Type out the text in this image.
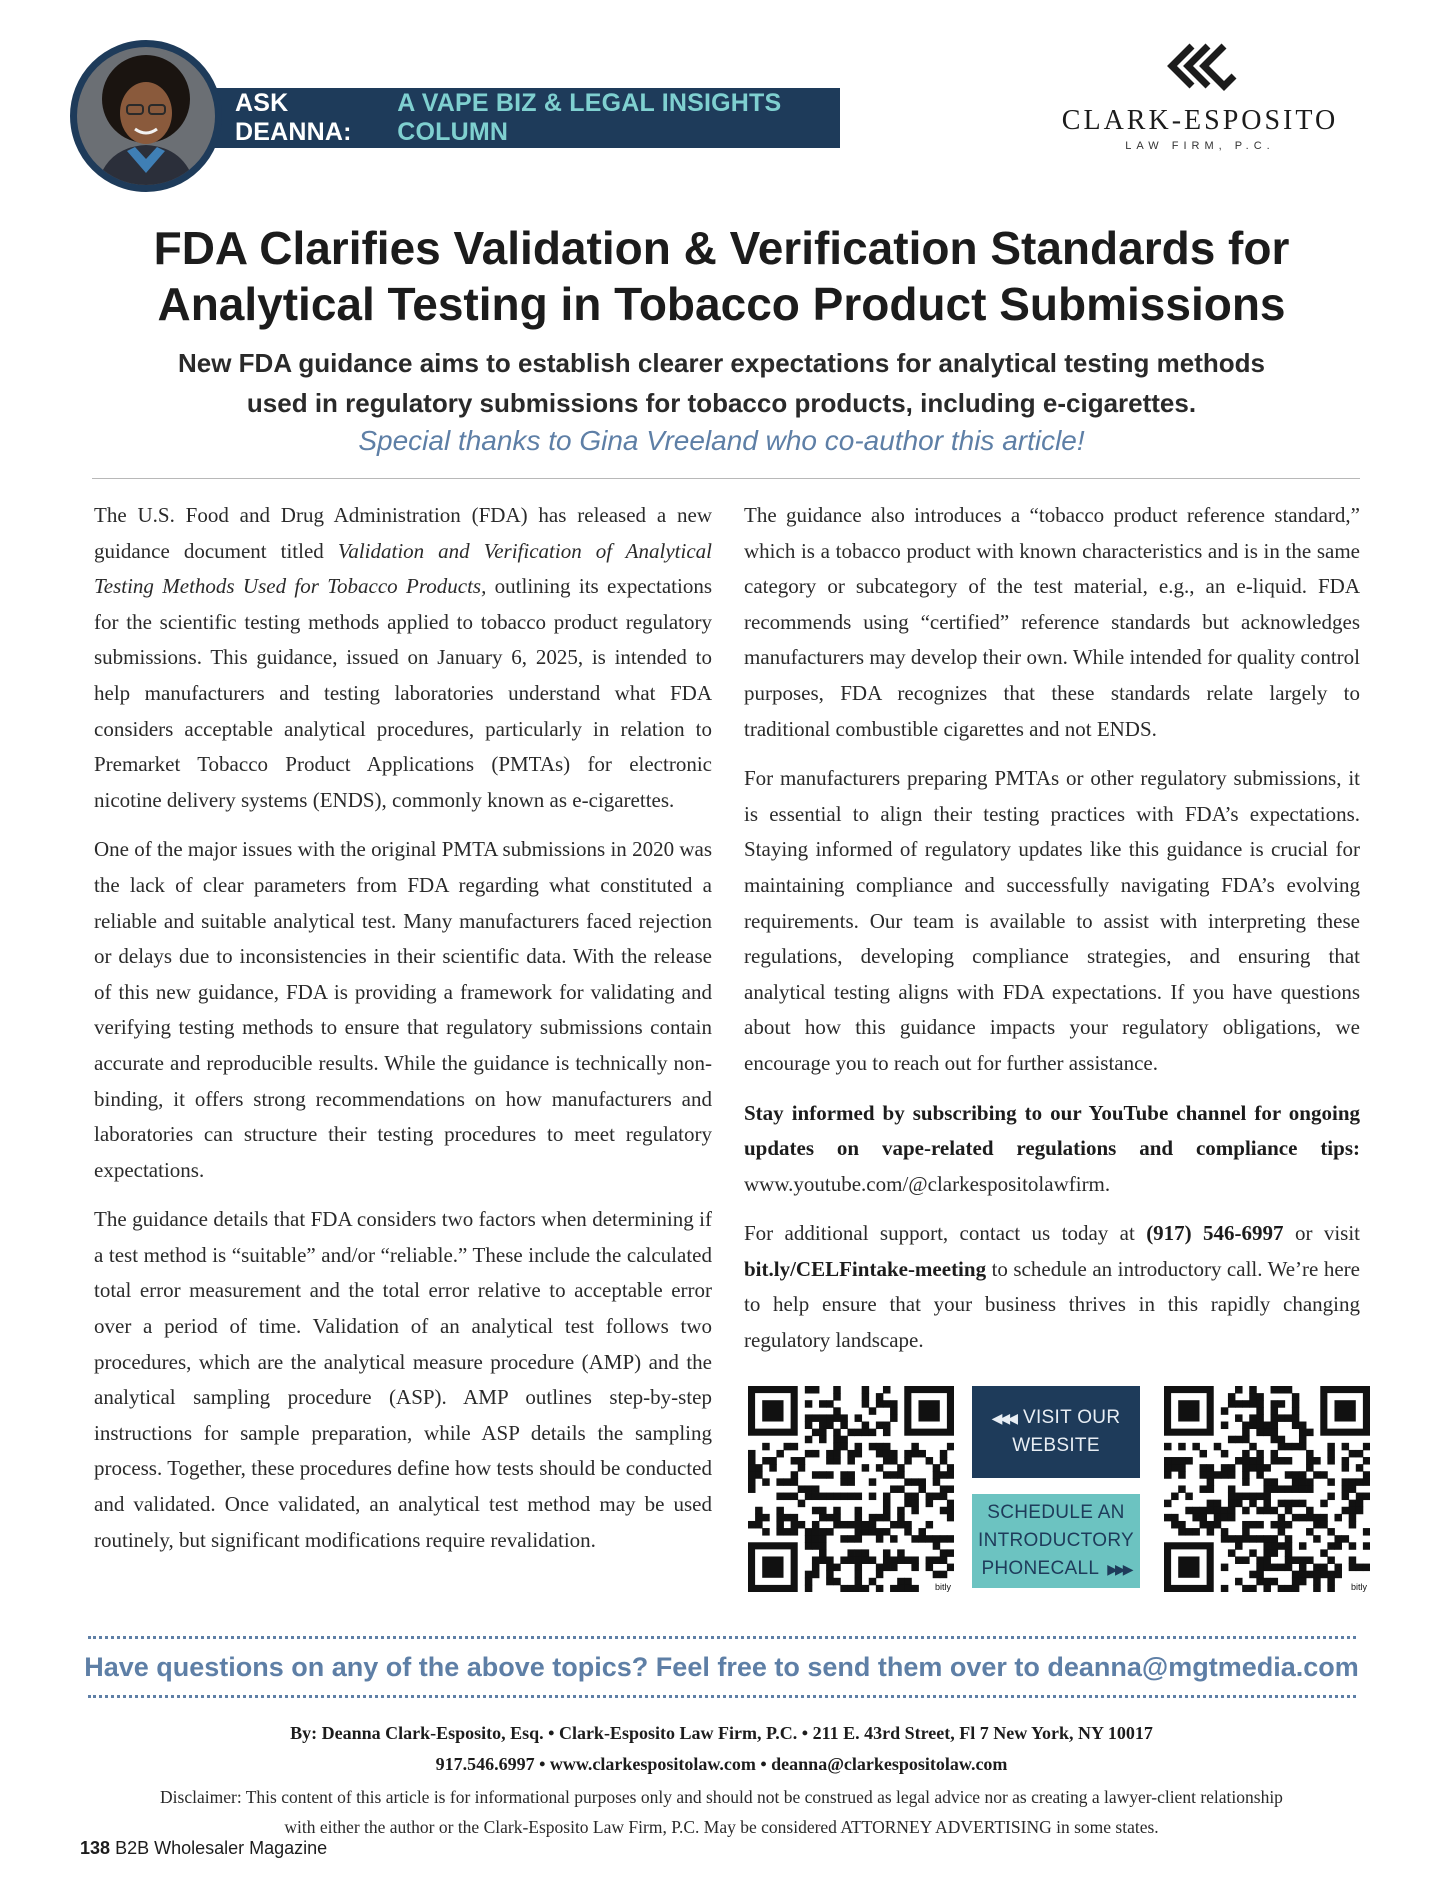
ASK DEANNA:
A VAPE BIZ & LEGAL INSIGHTS COLUMN	CLARK-ESPOSITO
LAW FIRM, P.C.
FDA Clarifies Validation & Verification Standards for
Analytical Testing in Tobacco Product Submissions
New FDA guidance aims to establish clearer expectations for analytical testing methods
used in regulatory submissions for tobacco products, including e-cigarettes.
Special thanks to Gina Vreeland who co-author this article!

The U.S. Food and Drug Administration (FDA) has released a new guidance document titled Validation and Verification of Analytical Testing Methods Used for Tobacco Products, outlining its expectations for the scientific testing methods applied to tobacco product regulatory submissions. This guidance, issued on January 6, 2025, is intended to help manufacturers and testing laboratories understand what FDA considers acceptable analytical procedures, particularly in relation to Premarket Tobacco Product Applications (PMTAs) for electronic nicotine delivery systems (ENDS), commonly known as e-cigarettes.

One of the major issues with the original PMTA submissions in 2020 was the lack of clear parameters from FDA regarding what constituted a reliable and suitable analytical test. Many manufacturers faced rejection or delays due to inconsistencies in their scientific data. With the release of this new guidance, FDA is providing a framework for validating and verifying testing methods to ensure that regulatory submissions contain accurate and reproducible results. While the guidance is technically non-binding, it offers strong recommendations on how manufacturers and laboratories can structure their testing procedures to meet regulatory expectations.

The guidance details that FDA considers two factors when determining if a test method is “suitable” and/or “reliable.” These include the calculated total error measurement and the total error relative to acceptable error over a period of time. Validation of an analytical test follows two procedures, which are the analytical measure procedure (AMP) and the analytical sampling procedure (ASP). AMP outlines step-by-step instructions for sample preparation, while ASP details the sampling process. Together, these procedures define how tests should be conducted and validated. Once validated, an analytical test method may be used routinely, but significant modifications require revalidation.

The guidance also introduces a “tobacco product reference standard,” which is a tobacco product with known characteristics and is in the same category or subcategory of the test material, e.g., an e-liquid. FDA recommends using “certified” reference standards but acknowledges manufacturers may develop their own. While intended for quality control purposes, FDA recognizes that these standards relate largely to traditional combustible cigarettes and not ENDS.

For manufacturers preparing PMTAs or other regulatory submissions, it is essential to align their testing practices with FDA’s expectations. Staying informed of regulatory updates like this guidance is crucial for maintaining compliance and successfully navigating FDA’s evolving requirements. Our team is available to assist with interpreting these regulations, developing compliance strategies, and ensuring that analytical testing aligns with FDA expectations. If you have questions about how this guidance impacts your regulatory obligations, we encourage you to reach out for further assistance.

Stay informed by subscribing to our YouTube channel for ongoing updates on vape-related regulations and compliance tips: www.youtube.com/@clarkespositolawfirm.

For additional support, contact us today at (917) 546-6997 or visit bit.ly/CELFintake-meeting to schedule an introductory call. We’re here to help ensure that your business thrives in this rapidly changing regulatory landscape.

bitly	bitly
◀◀◀ VISIT OUR
WEBSITE
SCHEDULE AN
INTRODUCTORY
PHONECALL ▶▶▶
Have questions on any of the above topics? Feel free to send them over to deanna@mgtmedia.com
By: Deanna Clark-Esposito, Esq. • Clark-Esposito Law Firm, P.C. • 211 E. 43rd Street, Fl 7 New York, NY 10017
917.546.6997 • www.clarkespositolaw.com • deanna@clarkespositolaw.com
Disclaimer: This content of this article is for informational purposes only and should not be construed as legal advice nor as creating a lawyer-client relationship
with either the author or the Clark-Esposito Law Firm, P.C. May be considered ATTORNEY ADVERTISING in some states.
138 B2B Wholesaler Magazine
